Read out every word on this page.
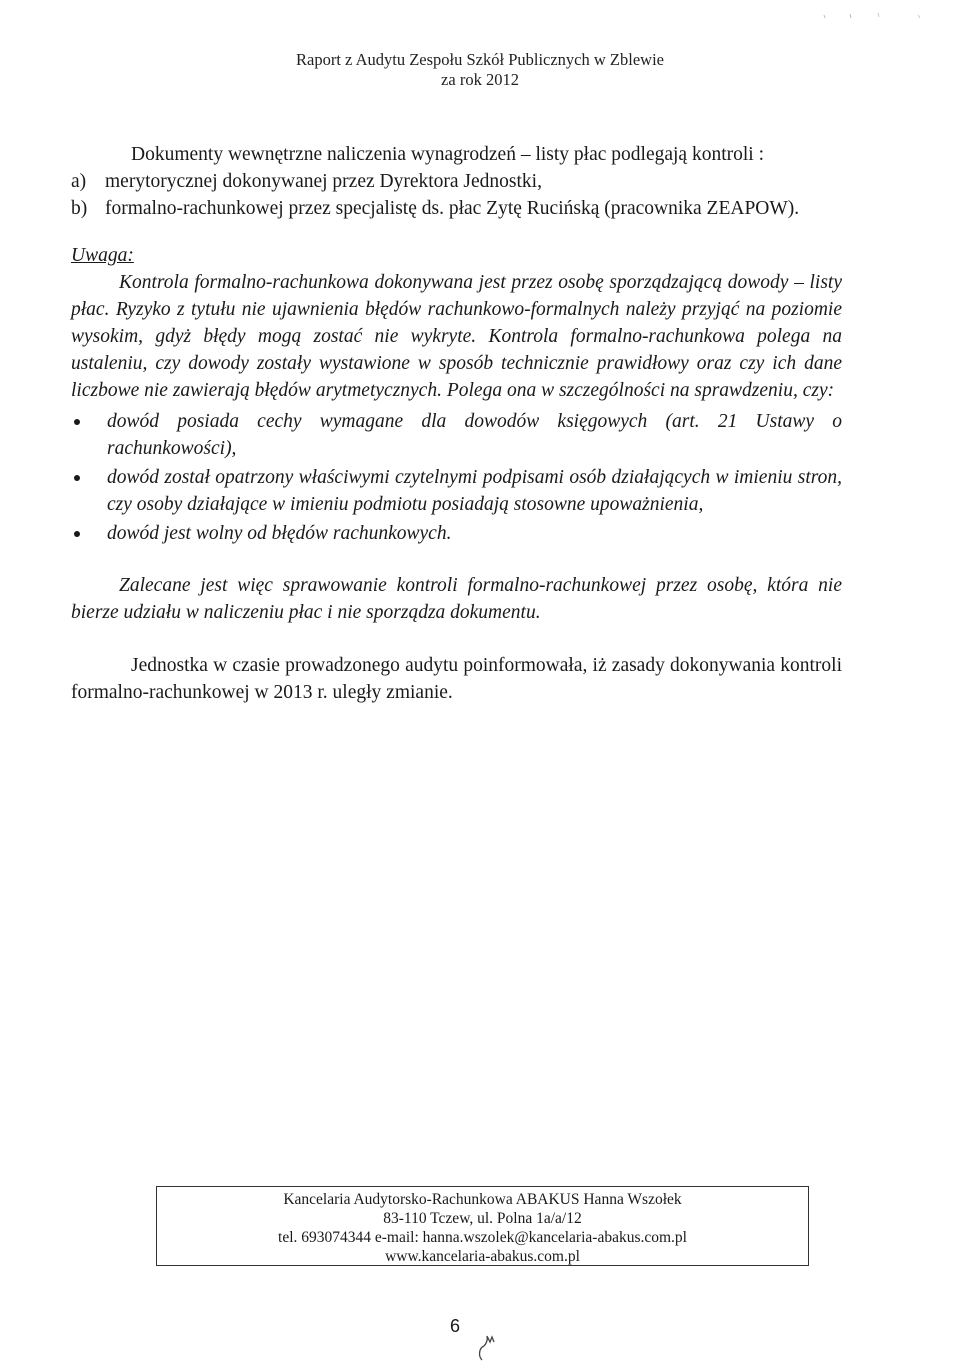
Raport z Audytu Zespołu Szkół Publicznych w Zblewie
za rok 2012

Dokumenty wewnętrzne naliczenia wynagrodzeń – listy płac podlegają kontroli :

a) merytorycznej dokonywanej przez Dyrektora Jednostki,
b) formalno-rachunkowej przez specjalistę ds. płac Zytę Rucińską (pracownika ZEAPOW).
Uwaga:

Kontrola formalno-rachunkowa dokonywana jest przez osobę sporządzającą dowody – listy płac. Ryzyko z tytułu nie ujawnienia błędów rachunkowo-formalnych należy przyjąć na poziomie wysokim, gdyż błędy mogą zostać nie wykryte. Kontrola formalno-rachunkowa polega na ustaleniu, czy dowody zostały wystawione w sposób technicznie prawidłowy oraz czy ich dane liczbowe nie zawierają błędów arytmetycznych. Polega ona w szczególności na sprawdzeniu, czy:

dowód posiada cechy wymagane dla dowodów księgowych (art. 21 Ustawy o rachunkowości),
dowód został opatrzony właściwymi czytelnymi podpisami osób działających w imieniu stron, czy osoby działające w imieniu podmiotu posiadają stosowne upoważnienia,
dowód jest wolny od błędów rachunkowych.

Zalecane jest więc sprawowanie kontroli formalno-rachunkowej przez osobę, która nie bierze udziału w naliczeniu płac i nie sporządza dokumentu.

Jednostka w czasie prowadzonego audytu poinformowała, iż zasady dokonywania kontroli formalno-rachunkowej w 2013 r. uległy zmianie.

Kancelaria Audytorsko-Rachunkowa ABAKUS Hanna Wszołek
83-110 Tczew, ul. Polna 1a/a/12
tel. 693074344 e-mail: hanna.wszolek@kancelaria-abakus.com.pl
www.kancelaria-abakus.com.pl
6
